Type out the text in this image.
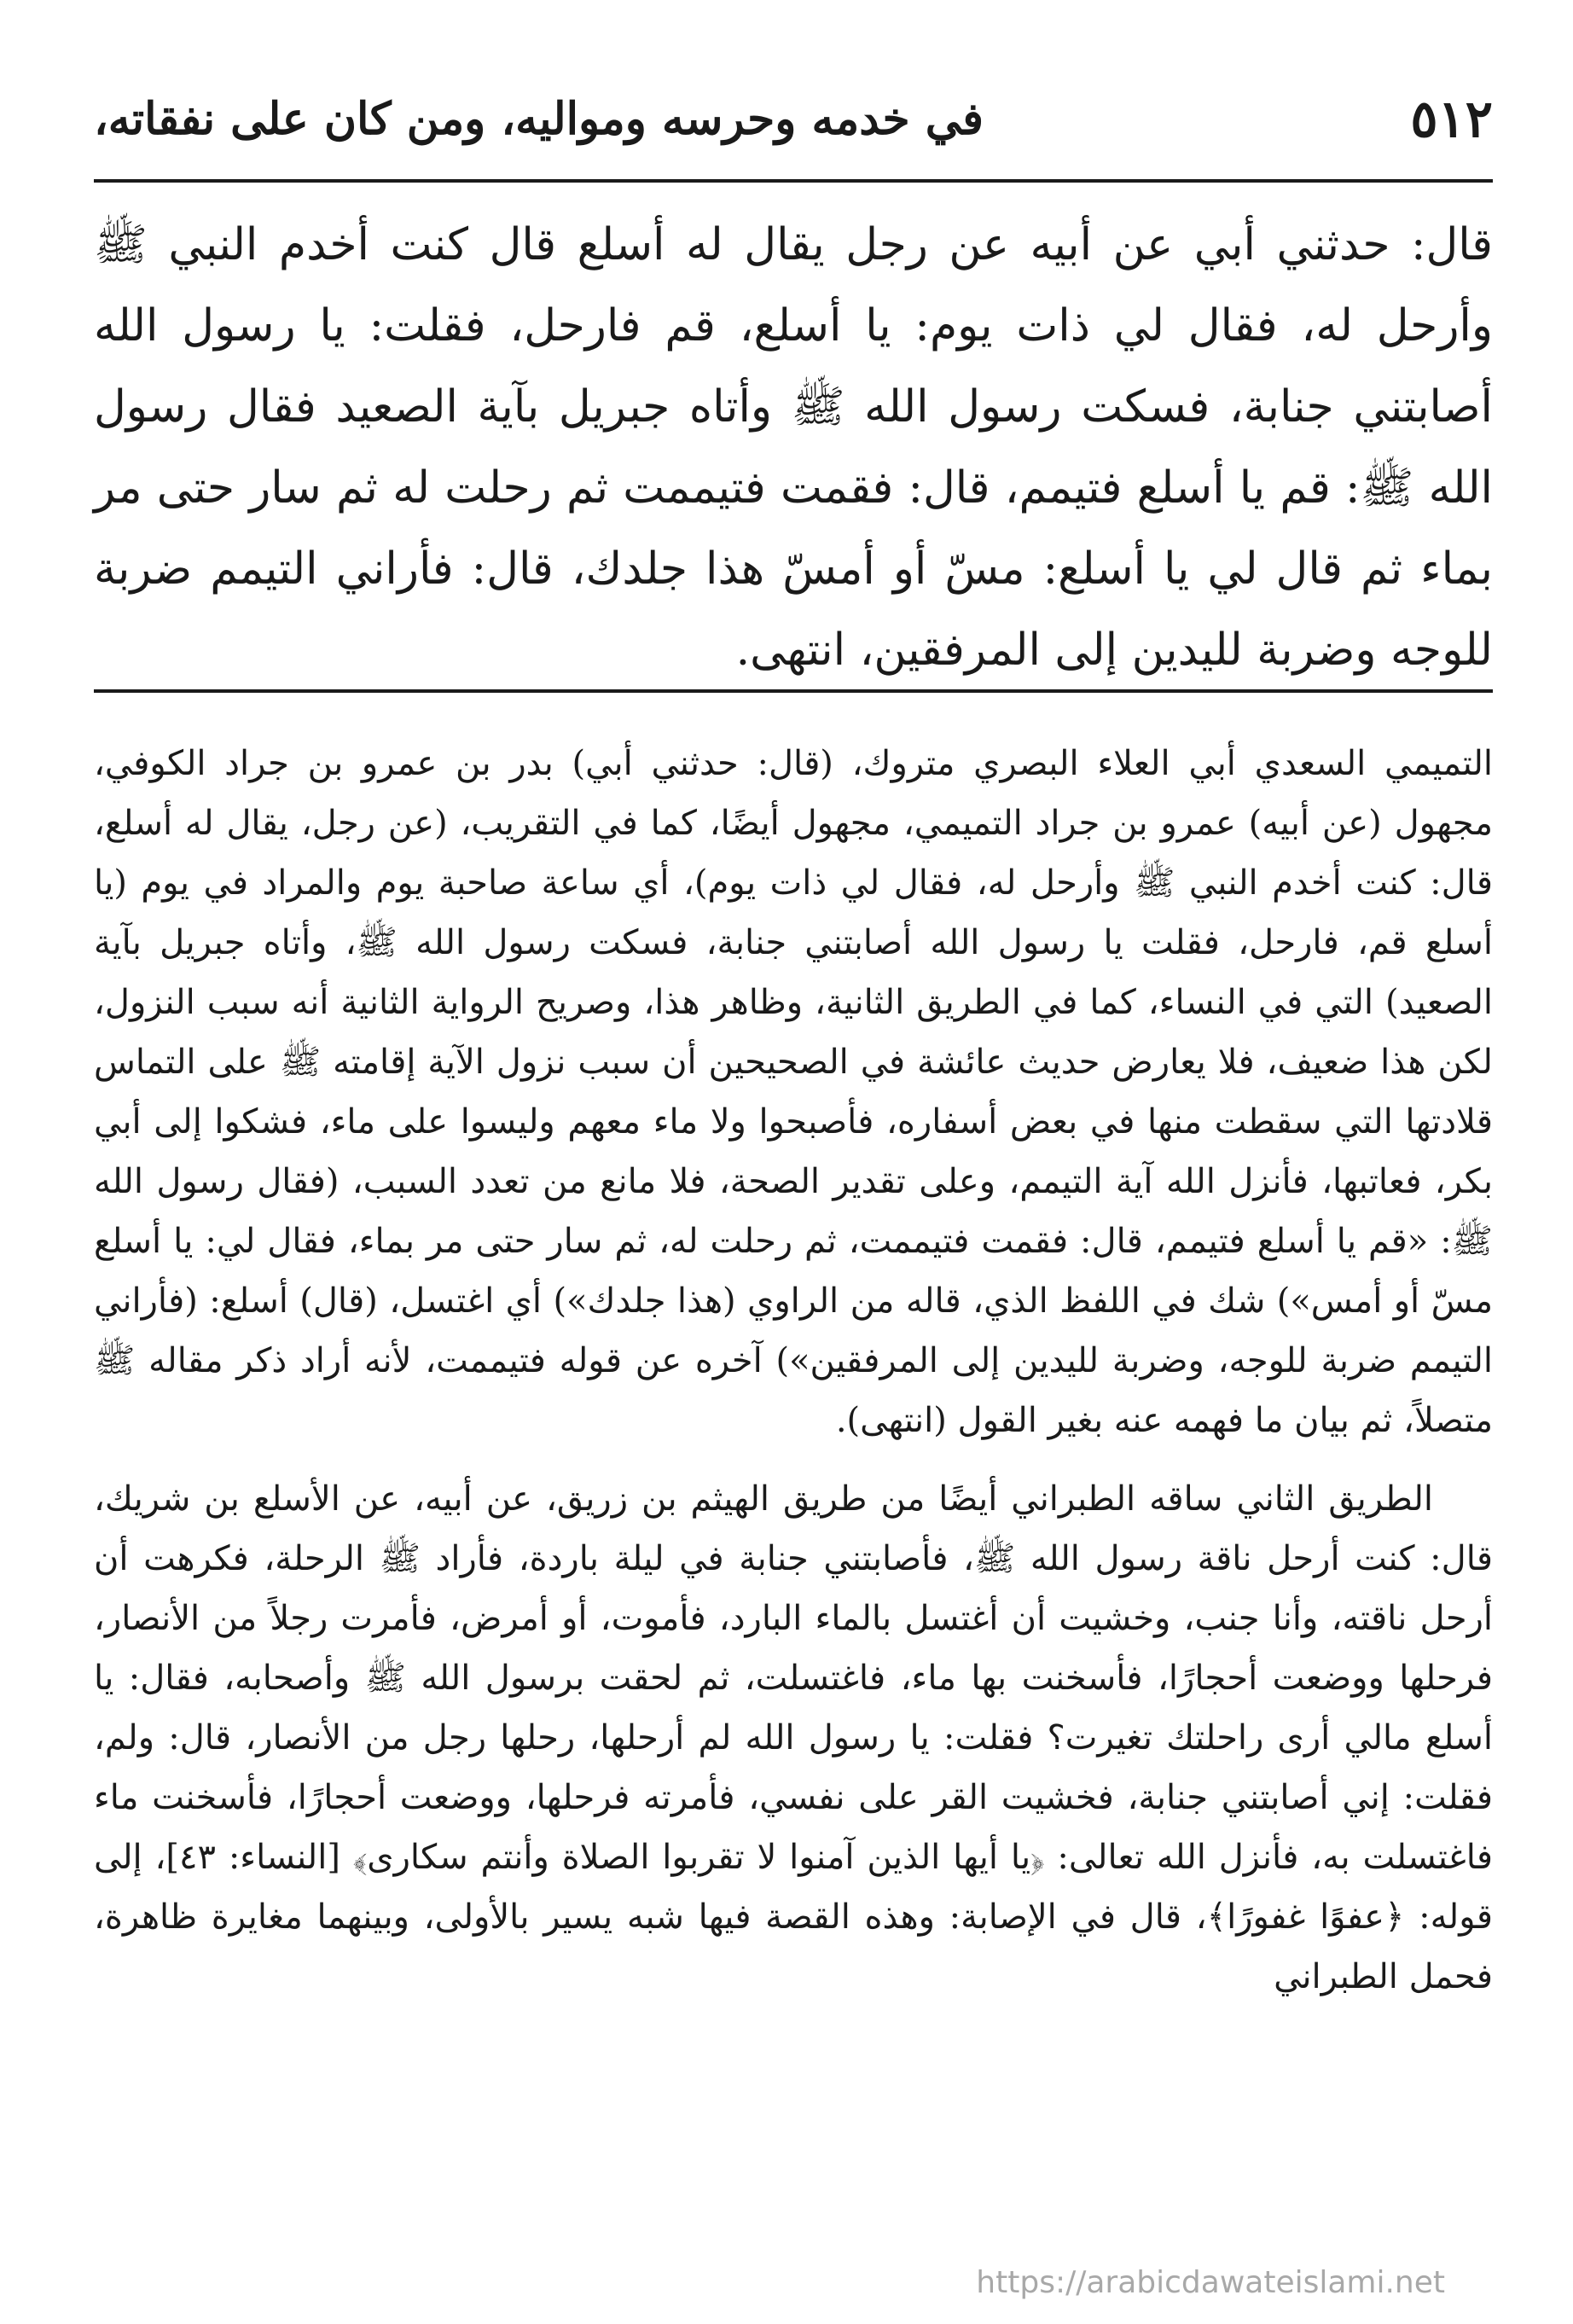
٥١٢
في خدمه وحرسه ومواليه، ومن كان على نفقاته،
قال: حدثني أبي عن أبيه عن رجل يقال له أسلع قال كنت أخدم النبي ﷺ وأرحل له، فقال لي ذات يوم: يا أسلع، قم فارحل، فقلت: يا رسول الله أصابتني جنابة، فسكت رسول الله ﷺ وأتاه جبريل بآية الصعيد فقال رسول الله ﷺ: قم يا أسلع فتيمم، قال: فقمت فتيممت ثم رحلت له ثم سار حتى مر بماء ثم قال لي يا أسلع: مسّ أو أمسّ هذا جلدك، قال: فأراني التيمم ضربة للوجه وضربة لليدين إلى المرفقين، انتهى.

التميمي السعدي أبي العلاء البصري متروك، (قال: حدثني أبي) بدر بن عمرو بن جراد الكوفي، مجهول (عن أبيه) عمرو بن جراد التميمي، مجهول أيضًا، كما في التقريب، (عن رجل، يقال له أسلع، قال: كنت أخدم النبي ﷺ وأرحل له، فقال لي ذات يوم)، أي ساعة صاحبة يوم والمراد في يوم (يا أسلع قم، فارحل، فقلت يا رسول الله أصابتني جنابة، فسكت رسول الله ﷺ، وأتاه جبريل بآية الصعيد) التي في النساء، كما في الطريق الثانية، وظاهر هذا، وصريح الرواية الثانية أنه سبب النزول، لكن هذا ضعيف، فلا يعارض حديث عائشة في الصحيحين أن سبب نزول الآية إقامته ﷺ على التماس قلادتها التي سقطت منها في بعض أسفاره، فأصبحوا ولا ماء معهم وليسوا على ماء، فشكوا إلى أبي بكر، فعاتبها، فأنزل الله آية التيمم، وعلى تقدير الصحة، فلا مانع من تعدد السبب، (فقال رسول الله ﷺ: «قم يا أسلع فتيمم، قال: فقمت فتيممت، ثم رحلت له، ثم سار حتى مر بماء، فقال لي: يا أسلع مسّ أو أمس») شك في اللفظ الذي، قاله من الراوي (هذا جلدك») أي اغتسل، (قال) أسلع: (فأراني التيمم ضربة للوجه، وضربة لليدين إلى المرفقين») آخره عن قوله فتيممت، لأنه أراد ذكر مقاله ﷺ متصلاً، ثم بيان ما فهمه عنه بغير القول (انتهى).

الطريق الثاني ساقه الطبراني أيضًا من طريق الهيثم بن زريق، عن أبيه، عن الأسلع بن شريك، قال: كنت أرحل ناقة رسول الله ﷺ، فأصابتني جنابة في ليلة باردة، فأراد ﷺ الرحلة، فكرهت أن أرحل ناقته، وأنا جنب، وخشيت أن أغتسل بالماء البارد، فأموت، أو أمرض، فأمرت رجلاً من الأنصار، فرحلها ووضعت أحجارًا، فأسخنت بها ماء، فاغتسلت، ثم لحقت برسول الله ﷺ وأصحابه، فقال: يا أسلع مالي أرى راحلتك تغيرت؟ فقلت: يا رسول الله لم أرحلها، رحلها رجل من الأنصار، قال: ولم، فقلت: إني أصابتني جنابة، فخشيت القر على نفسي، فأمرته فرحلها، ووضعت أحجارًا، فأسخنت ماء فاغتسلت به، فأنزل الله تعالى: ﴿يا أيها الذين آمنوا لا تقربوا الصلاة وأنتم سكارى﴾ [النساء: ٤٣]، إلى قوله: ﴿عفوًا غفورًا﴾، قال في الإصابة: وهذه القصة فيها شبه يسير بالأولى، وبينهما مغايرة ظاهرة، فحمل الطبراني

https://arabicdawateislami.net
